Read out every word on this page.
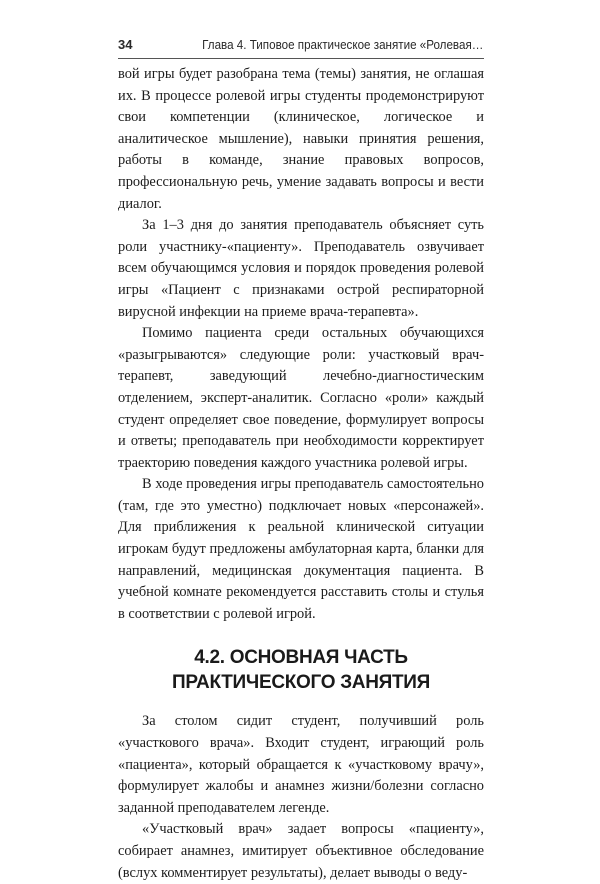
34	Глава 4. Типовое практическое занятие «Ролевая…

вой игры будет разобрана тема (темы) занятия, не оглашая их. В процессе ролевой игры студенты продемонстрируют свои компетенции (клиническое, логическое и аналитическое мышление), навыки принятия решения, работы в команде, знание правовых вопросов, профессиональную речь, умение задавать вопросы и вести диалог.

За 1–3 дня до занятия преподаватель объясняет суть роли участнику-«пациенту». Преподаватель озвучивает всем обучающимся условия и порядок проведения ролевой игры «Пациент с признаками острой респираторной вирусной инфекции на приеме врача-терапевта».

Помимо пациента среди остальных обучающихся «разыгрываются» следующие роли: участковый врач-терапевт, заведующий лечебно-диагностическим отделением, эксперт-аналитик. Согласно «роли» каждый студент определяет свое поведение, формулирует вопросы и ответы; преподаватель при необходимости корректирует траекторию поведения каждого участника ролевой игры.

В ходе проведения игры преподаватель самостоятельно (там, где это уместно) подключает новых «персонажей». Для приближения к реальной клинической ситуации игрокам будут предложены амбулаторная карта, бланки для направлений, медицинская документация пациента. В учебной комнате рекомендуется расставить столы и стулья в соответствии с ролевой игрой.

4.2. ОСНОВНАЯ ЧАСТЬ
ПРАКТИЧЕСКОГО ЗАНЯТИЯ

За столом сидит студент, получивший роль «участкового врача». Входит студент, играющий роль «пациента», который обращается к «участковому врачу», формулирует жалобы и анамнез жизни/болезни согласно заданной преподавателем легенде.

«Участковый врач» задает вопросы «пациенту», собирает анамнез, имитирует объективное обследование (вслух комментирует результаты), делает выводы о веду-
